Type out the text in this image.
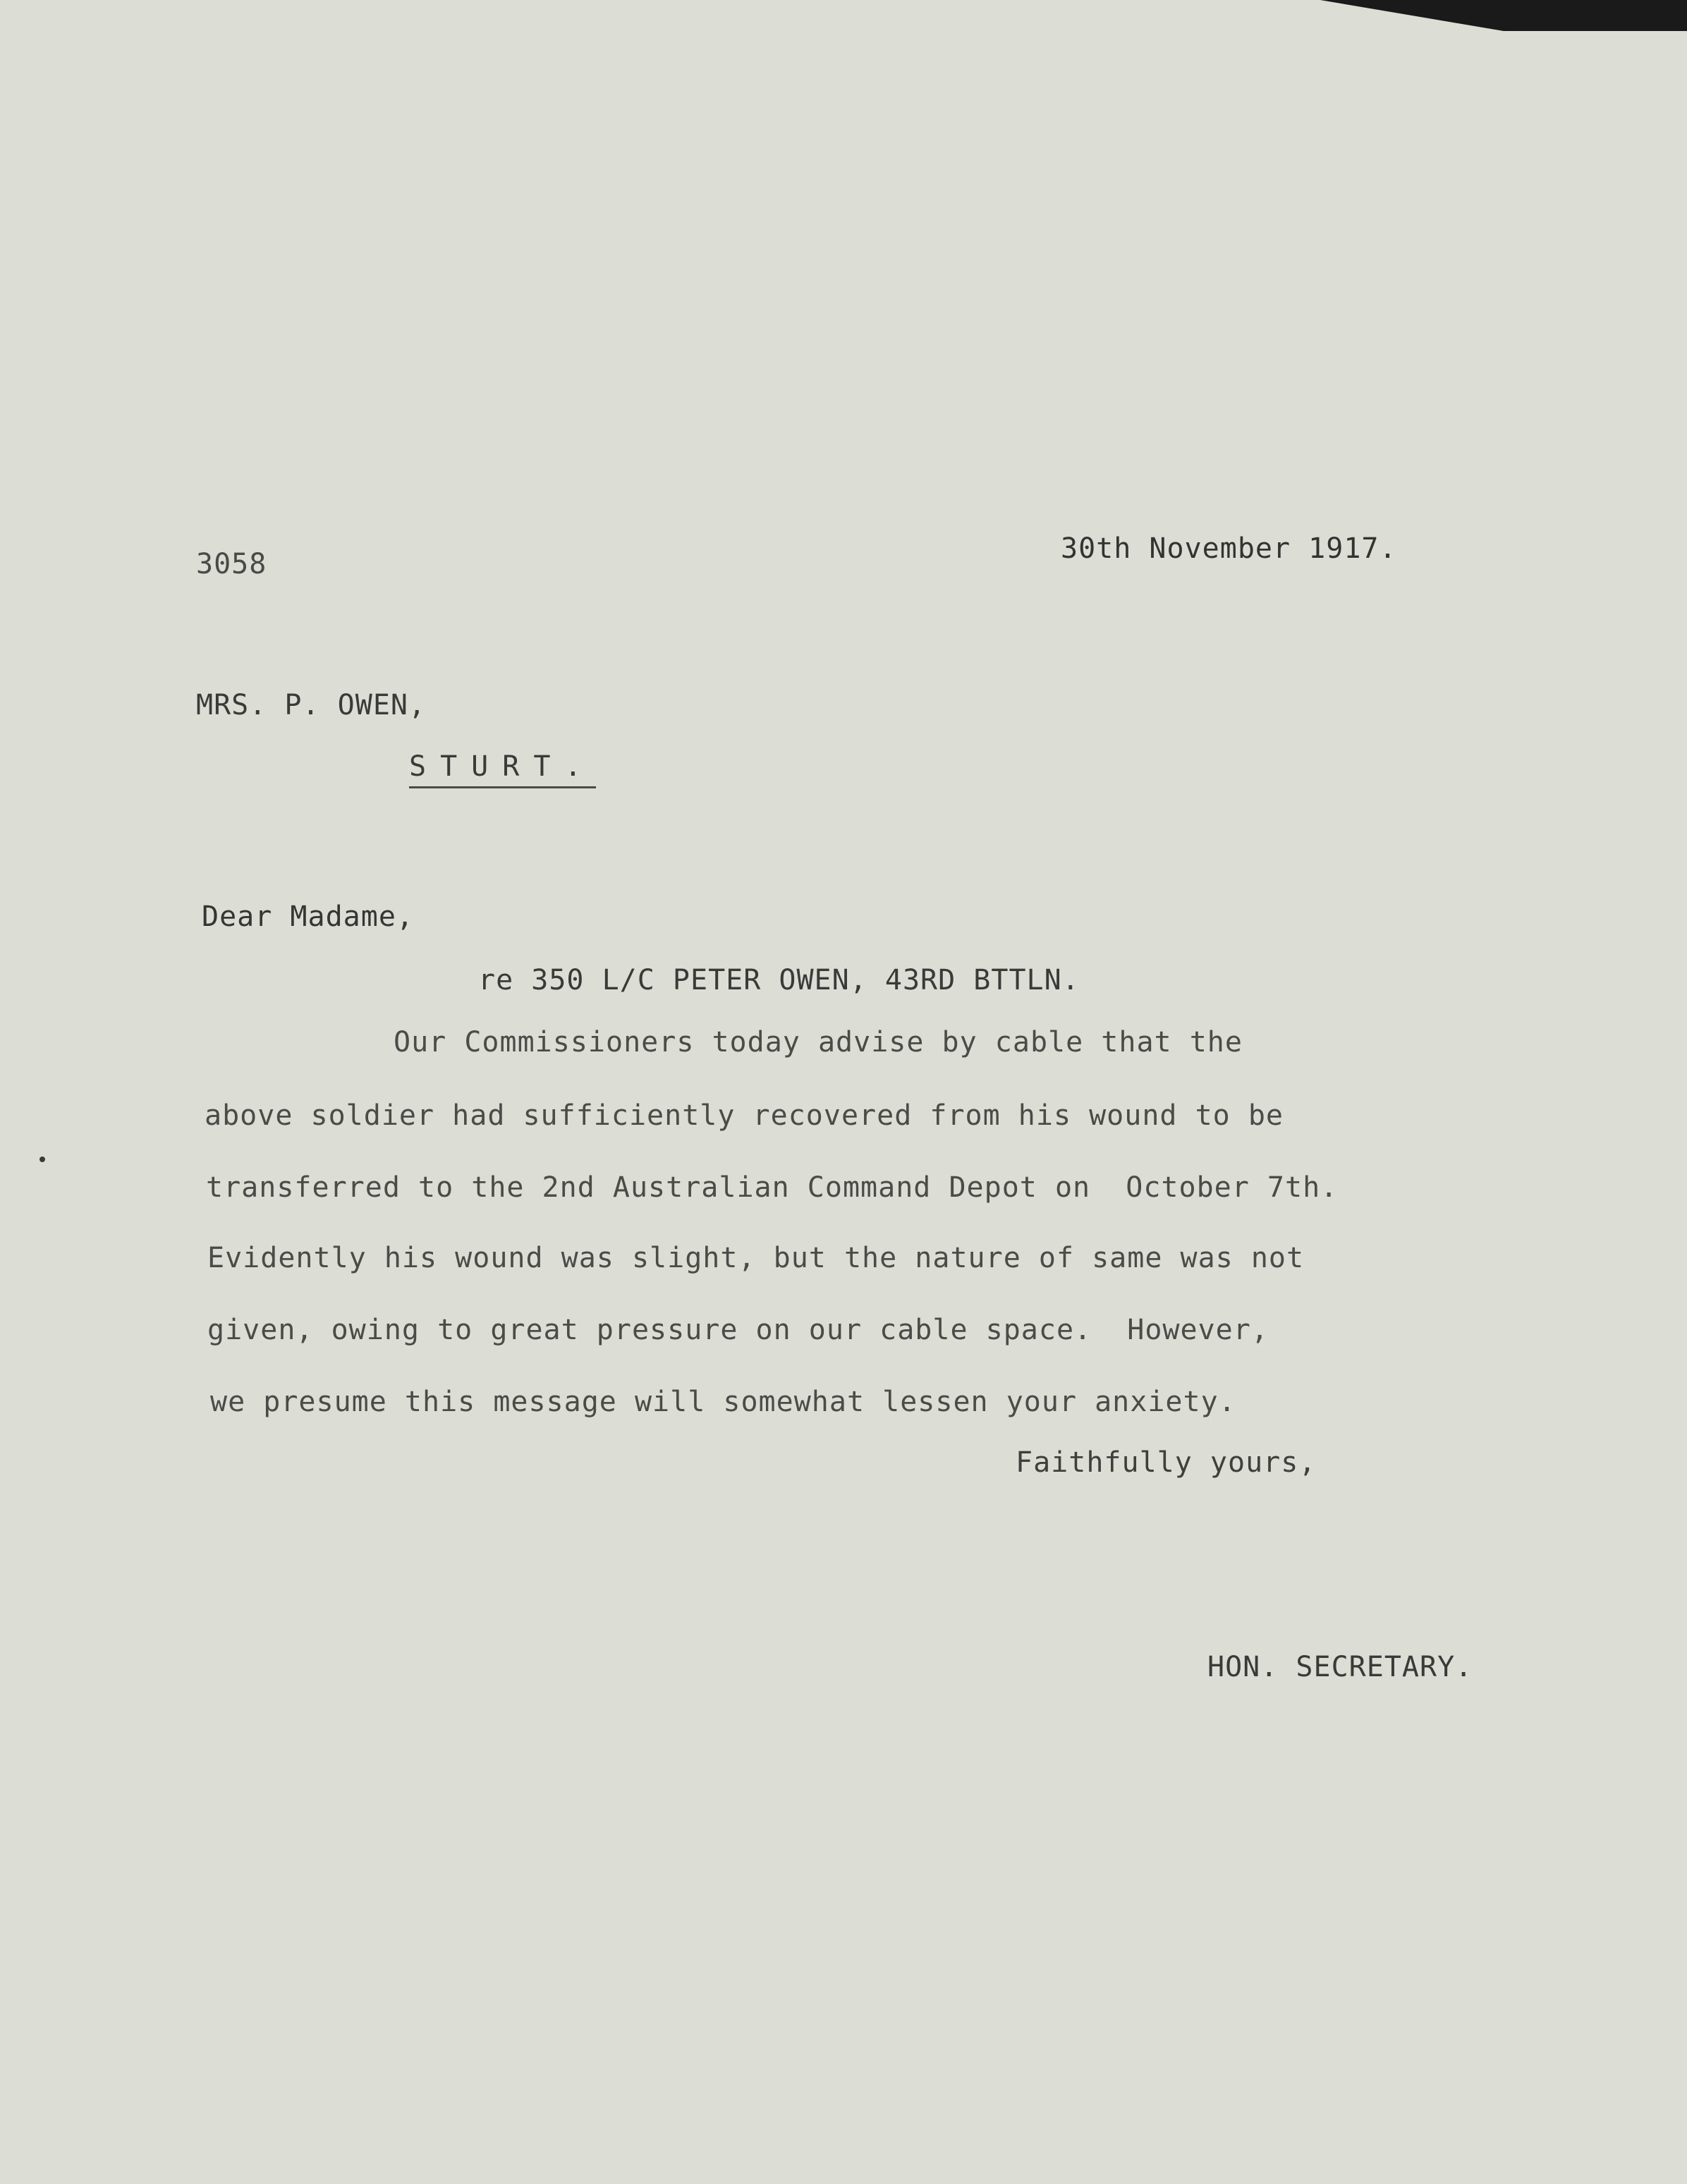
3058	30th November 1917.
MRS. P. OWEN,
STURT.
Dear Madame,
re 350 L/C PETER OWEN, 43RD BTTLN.
Our Commissioners today advise by cable that the
above soldier had sufficiently recovered from his wound to be
transferred to the 2nd Australian Command Depot on  October 7th.
Evidently his wound was slight, but the nature of same was not
given, owing to great pressure on our cable space.  However,
we presume this message will somewhat lessen your anxiety.
Faithfully yours,
HON. SECRETARY.
